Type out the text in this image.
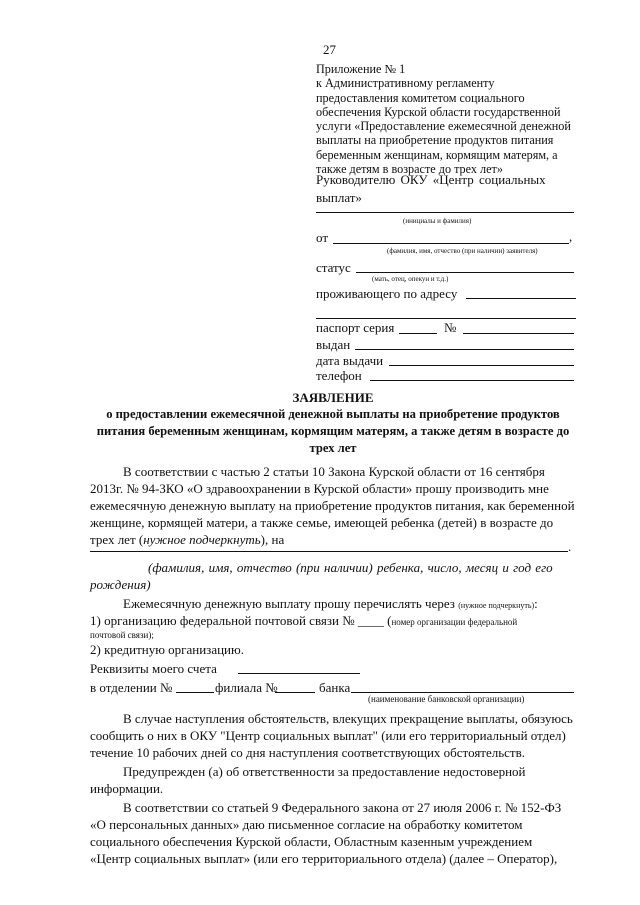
27

Приложение № 1

к Административному регламенту

предоставления комитетом социального

обеспечения Курской области государственной

услуги «Предоставление ежемесячной денежной

выплаты на приобретение продуктов питания

беременным женщинам, кормящим матерям, а

также детям в возрасте до трех лет»

Руководителю ОКУ «Центр социальных
выплат»
(инициалы и фамилия)
от	,
(фамилия, имя, отчество (при наличии) заявителя)
статус
(мать, отец, опекун и т.д.)
проживающего по адресу
паспорт серия	№
выдан
дата выдачи
телефон
ЗАЯВЛЕНИЕ
о предоставлении ежемесячной денежной выплаты на приобретение продуктов
питания беременным женщинам, кормящим матерям, а также детям в возрасте до
трех лет
В соответствии с частью 2 статьи 10 Закона Курской области от 16 сентября
2013г. № 94-ЗКО «О здравоохранении в Курской области» прошу производить мне
ежемесячную денежную выплату на приобретение продуктов питания, как беременной
женщине, кормящей матери, а также семье, имеющей ребенка (детей) в возрасте до
трех лет (нужное подчеркнуть), на	.
(фамилия, имя, отчество (при наличии) ребенка, число, месяц и год его
рождения)
Ежемесячную денежную выплату прошу перечислять через (нужное подчеркнуть):
1) организацию федеральной почтовой связи № ____ (номер организации федеральной
почтовой связи);
2) кредитную организацию.
Реквизиты моего счета
в отделении №	филиала №	банка
(наименование банковской организации)
В случае наступления обстоятельств, влекущих прекращение выплаты, обязуюсь
сообщить о них в ОКУ "Центр социальных выплат" (или его территориальный отдел)
течение 10 рабочих дней со дня наступления соответствующих обстоятельств.
Предупрежден (а) об ответственности за предоставление недостоверной
информации.
В соответствии со статьей 9 Федерального закона от 27 июля 2006 г. № 152-ФЗ
«О персональных данных» даю письменное согласие на обработку комитетом
социального обеспечения Курской области, Областным казенным учреждением
«Центр социальных выплат» (или его территориального отдела) (далее – Оператор),
